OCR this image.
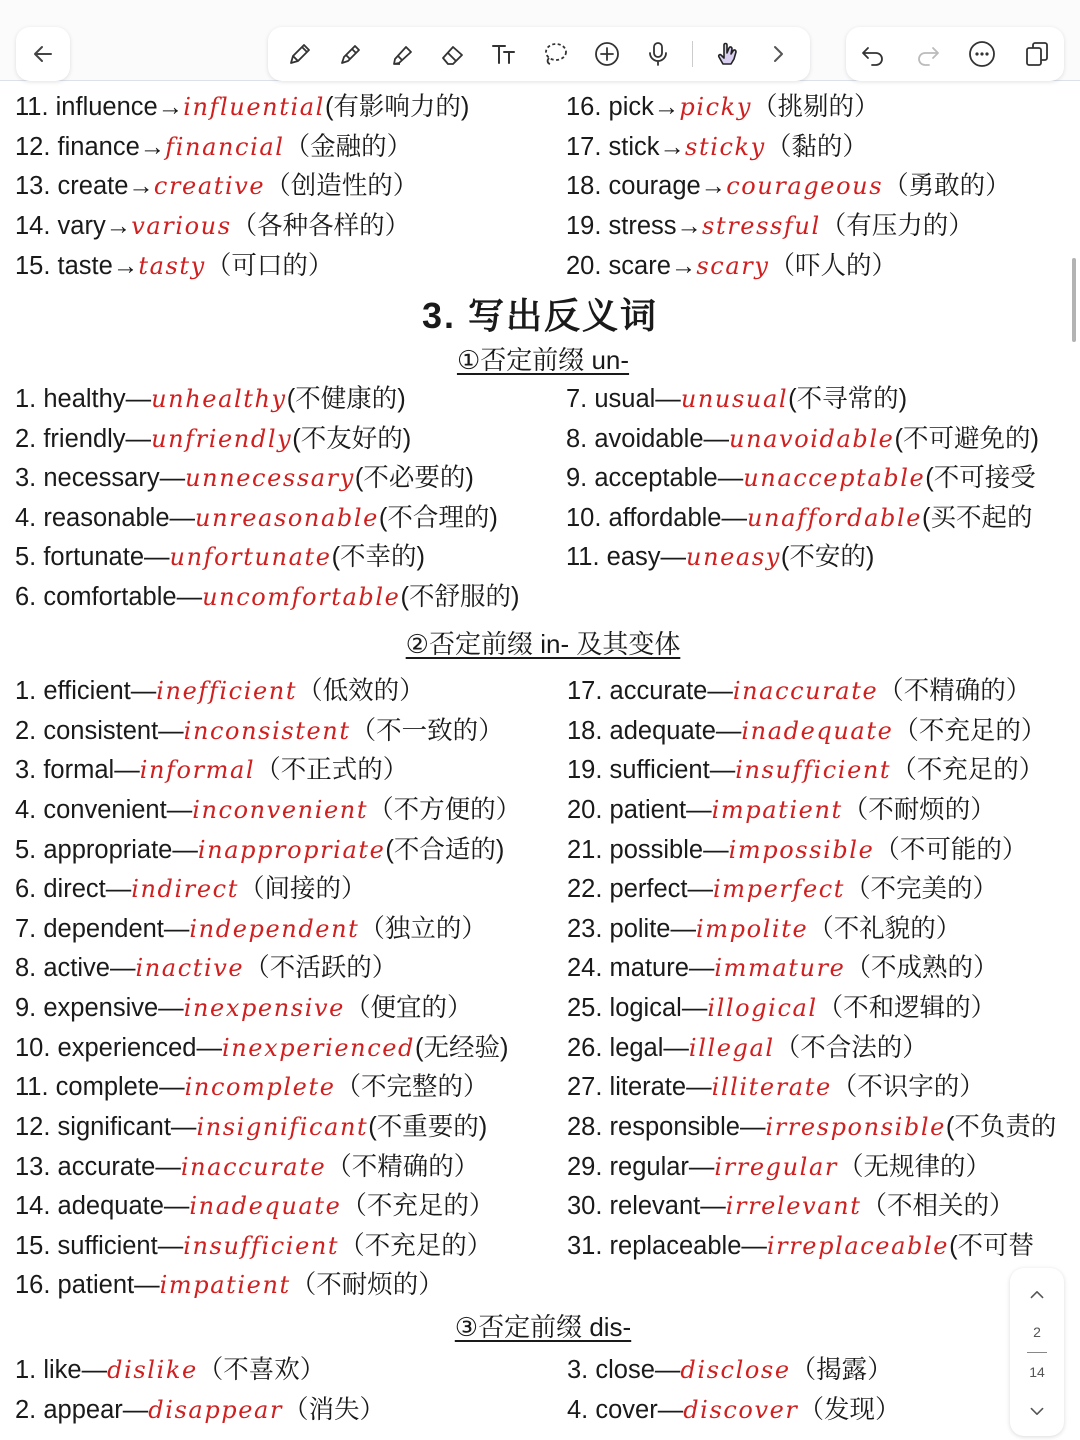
11. influence→influential(有影响力的)
12. finance→financial（金融的）
13. create→creative（创造性的）
14. vary→various（各种各样的）
15. taste→tasty（可口的）
16. pick→picky（挑剔的）
17. stick→sticky（黏的）
18. courage→courageous（勇敢的）
19. stress→stressful（有压力的）
20. scare→scary（吓人的）
3. 写出反义词
①否定前缀 un-
1. healthy—unhealthy(不健康的)
2. friendly—unfriendly(不友好的)
3. necessary—unnecessary(不必要的)
4. reasonable—unreasonable(不合理的)
5. fortunate—unfortunate(不幸的)
6. comfortable—uncomfortable(不舒服的)
7. usual—unusual(不寻常的)
8. avoidable—unavoidable(不可避免的)
9. acceptable—unacceptable(不可接受
10. affordable—unaffordable(买不起的
11. easy—uneasy(不安的)
②否定前缀 in- 及其变体
1. efficient—inefficient（低效的）
2. consistent—inconsistent（不一致的）
3. formal—informal（不正式的）
4. convenient—inconvenient（不方便的）
5. appropriate—inappropriate(不合适的)
6. direct—indirect（间接的）
7. dependent—independent（独立的）
8. active—inactive（不活跃的）
9. expensive—inexpensive（便宜的）
10. experienced—inexperienced(无经验)
11. complete—incomplete（不完整的）
12. significant—insignificant(不重要的)
13. accurate—inaccurate（不精确的）
14. adequate—inadequate（不充足的）
15. sufficient—insufficient（不充足的）
16. patient—impatient（不耐烦的）
17. accurate—inaccurate（不精确的）
18. adequate—inadequate（不充足的）
19. sufficient—insufficient（不充足的）
20. patient—impatient（不耐烦的）
21. possible—impossible（不可能的）
22. perfect—imperfect（不完美的）
23. polite—impolite（不礼貌的）
24. mature—immature（不成熟的）
25. logical—illogical（不和逻辑的）
26. legal—illegal（不合法的）
27. literate—illiterate（不识字的）
28. responsible—irresponsible(不负责的
29. regular—irregular（无规律的）
30. relevant—irrelevant（不相关的）
31. replaceable—irreplaceable(不可替
③否定前缀 dis-
1. like—dislike（不喜欢）
2. appear—disappear（消失）
3. close—disclose（揭露）
4. cover—discover（发现）
2
14
